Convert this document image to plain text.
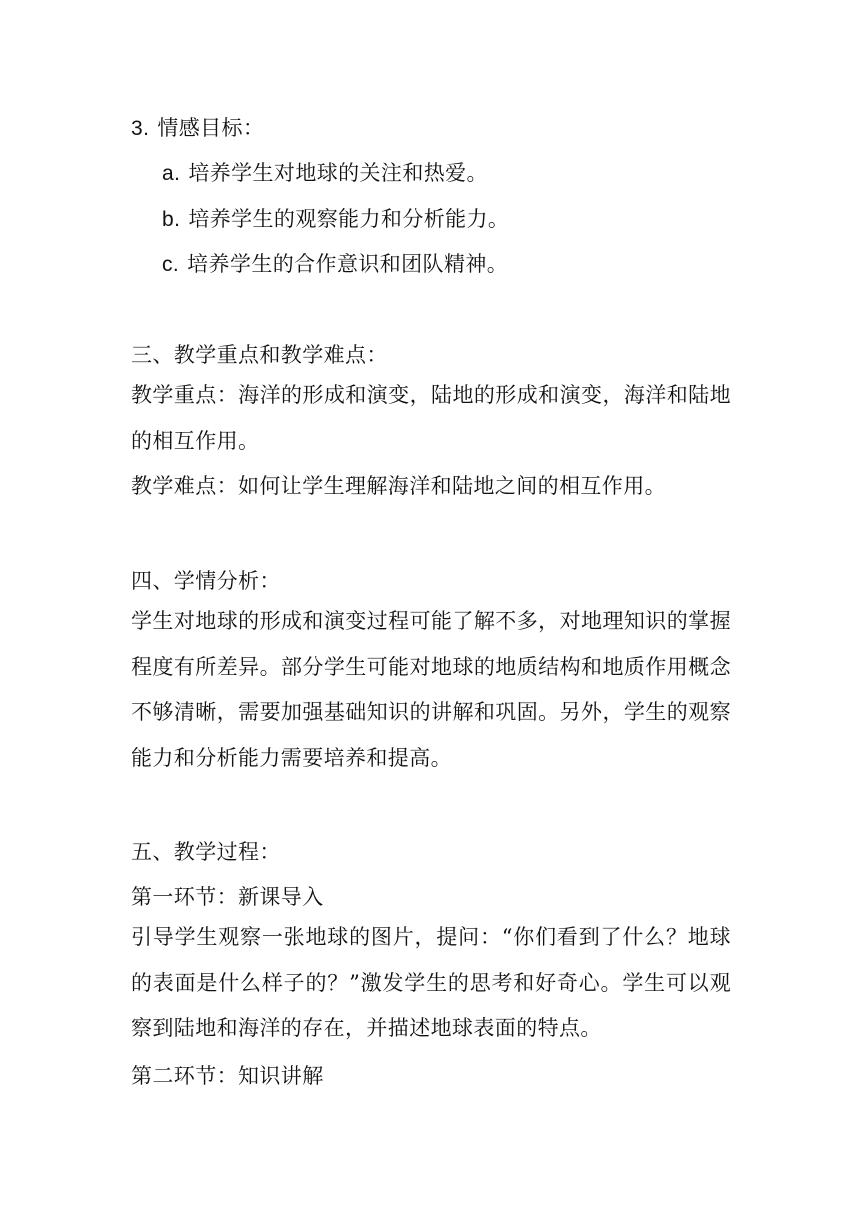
3. 情感目标：
a. 培养学生对地球的关注和热爱。
b. 培养学生的观察能力和分析能力。
c. 培养学生的合作意识和团队精神。
三、教学重点和教学难点：
教学重点：海洋的形成和演变，陆地的形成和演变，海洋和陆地的相互作用。
教学难点：如何让学生理解海洋和陆地之间的相互作用。
四、学情分析：
学生对地球的形成和演变过程可能了解不多，对地理知识的掌握程度有所差异。部分学生可能对地球的地质结构和地质作用概念不够清晰，需要加强基础知识的讲解和巩固。另外，学生的观察能力和分析能力需要培养和提高。
五、教学过程：
第一环节：新课导入
引导学生观察一张地球的图片，提问：“你们看到了什么？地球的表面是什么样子的？”激发学生的思考和好奇心。学生可以观察到陆地和海洋的存在，并描述地球表面的特点。
第二环节：知识讲解
